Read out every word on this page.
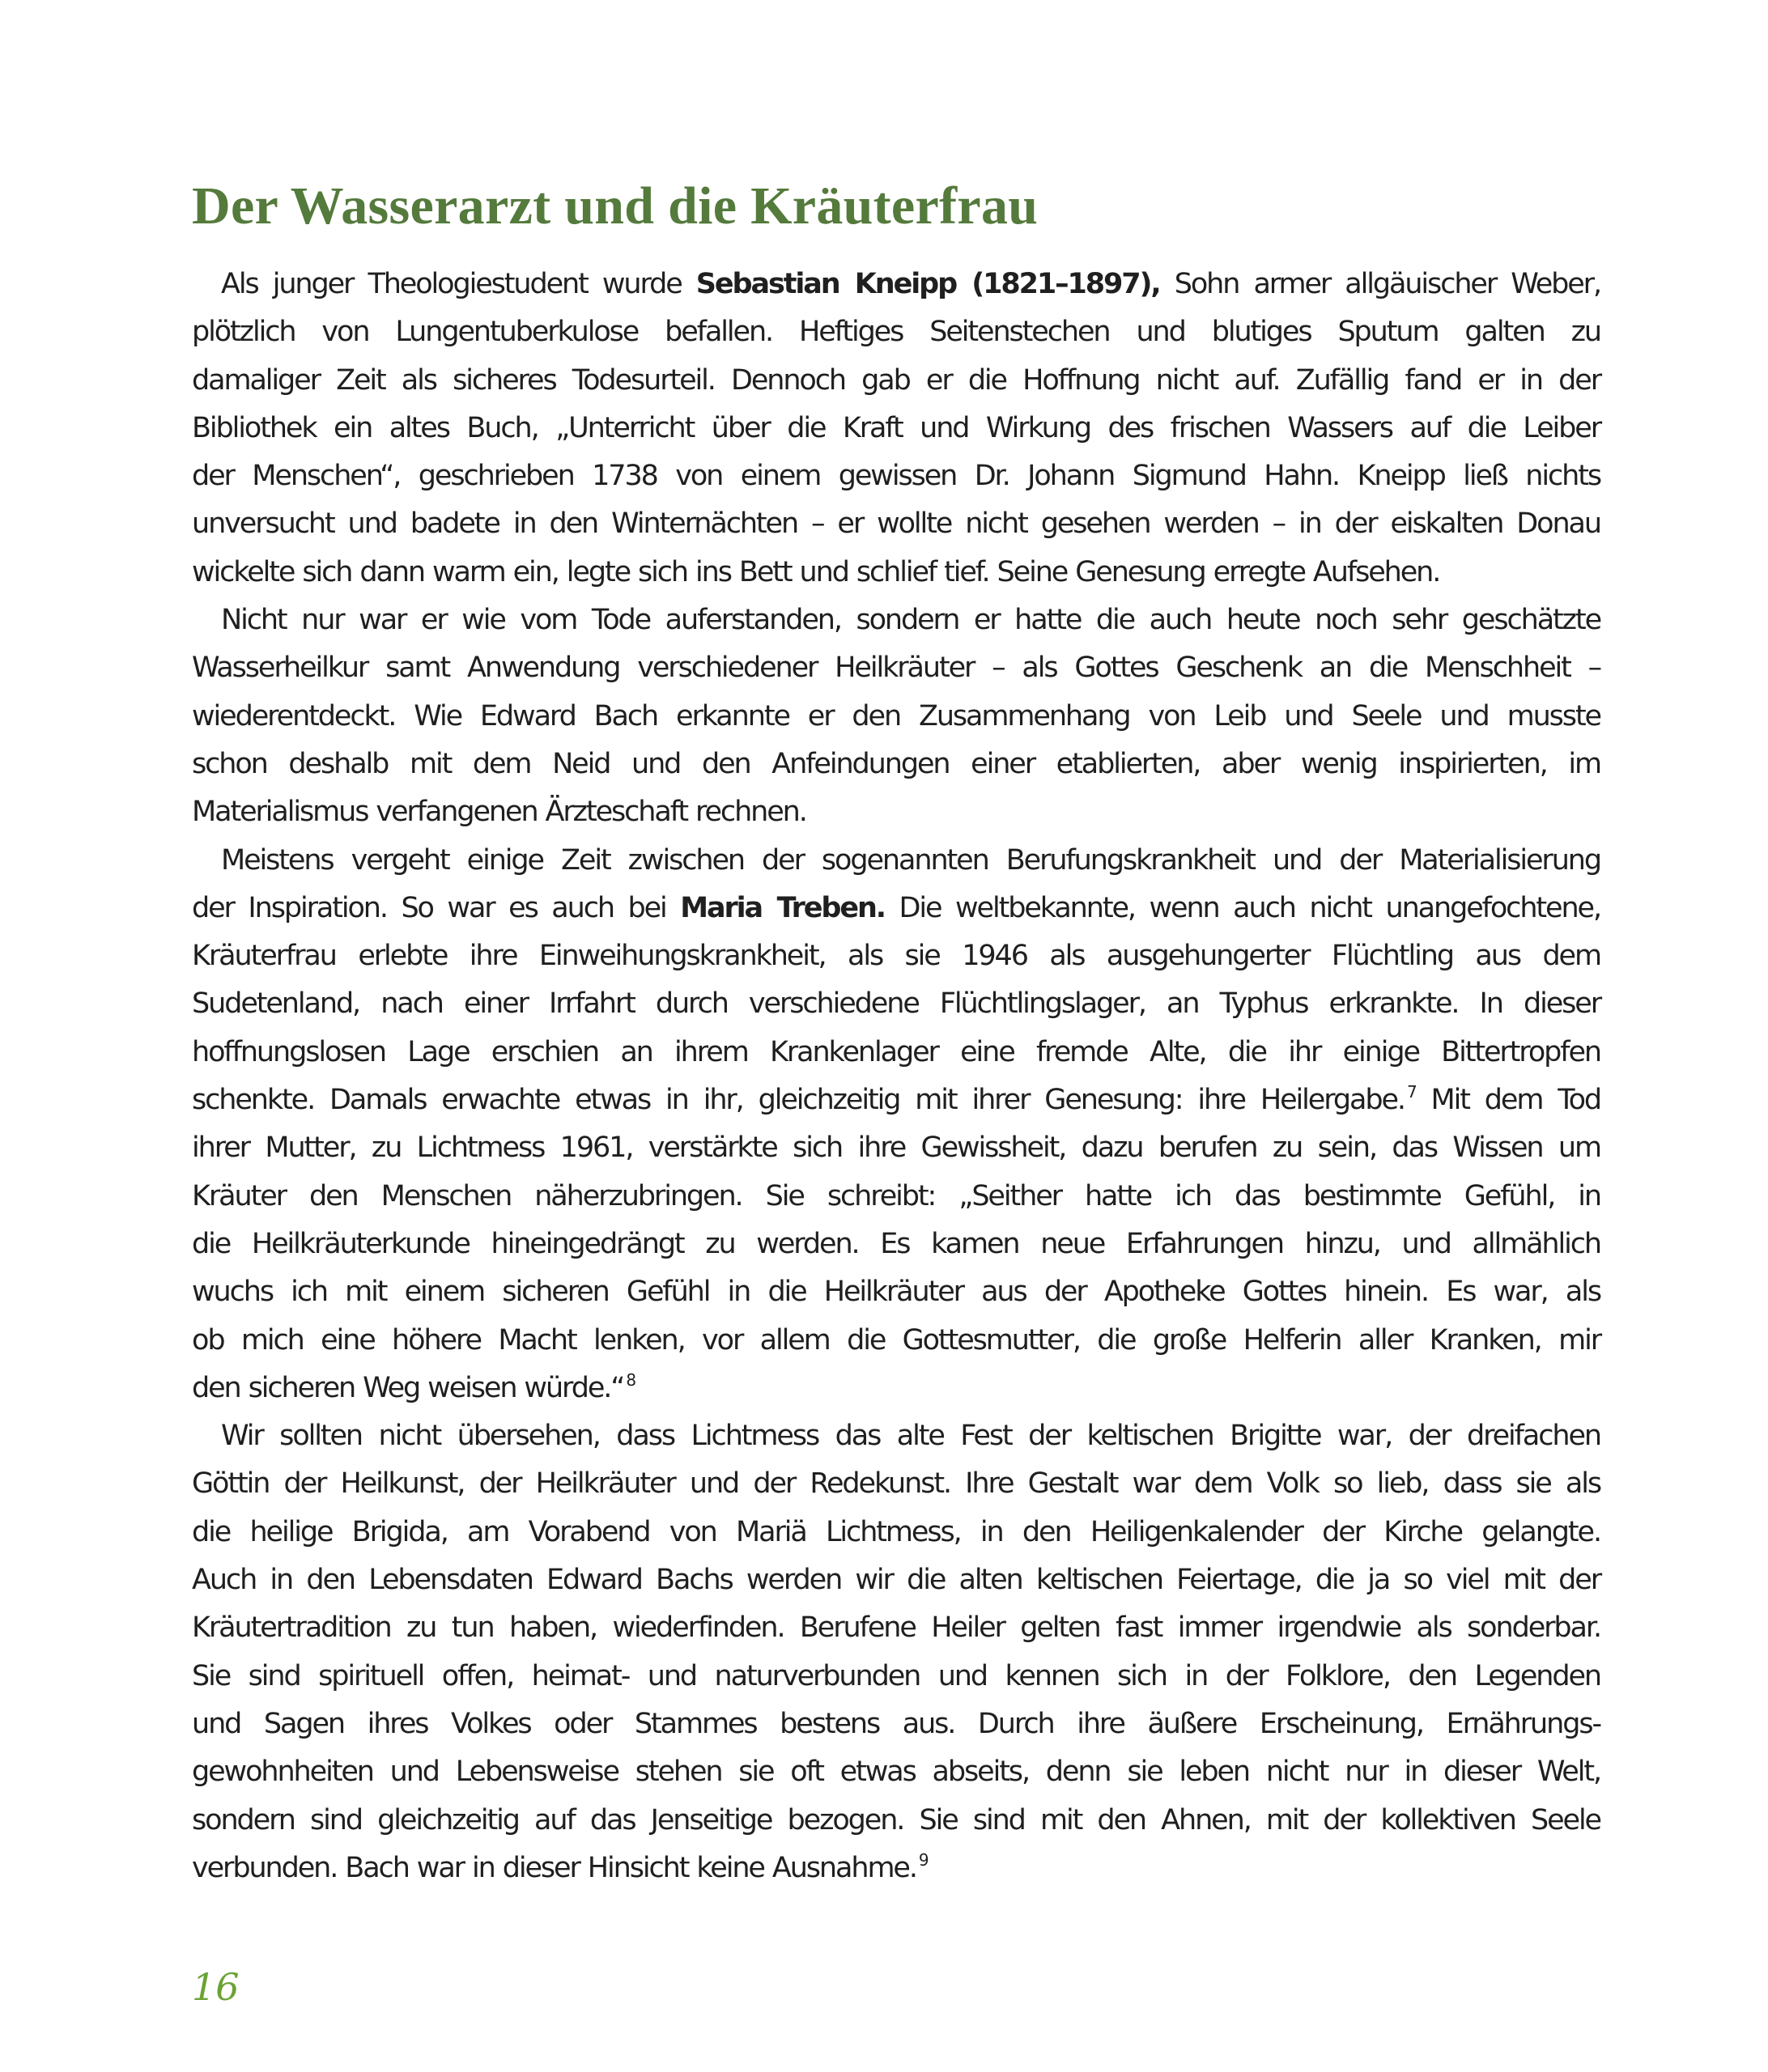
Der Wasserarzt und die Kräuterfrau
Als junger Theologiestudent wurde Sebastian Kneipp (1821–1897), Sohn armer allgäuischer Weber,
plötzlich von Lungentuberkulose befallen. Heftiges Seitenstechen und blutiges Sputum galten zu
damaliger Zeit als sicheres Todesurteil. Dennoch gab er die Hoffnung nicht auf. Zufällig fand er in der
Bibliothek ein altes Buch, „Unterricht über die Kraft und Wirkung des frischen Wassers auf die Leiber
der Menschen“, geschrieben 1738 von einem gewissen Dr. Johann Sigmund Hahn. Kneipp ließ nichts
unversucht und badete in den Winternächten – er wollte nicht gesehen werden – in der eiskalten Donau
wickelte sich dann warm ein, legte sich ins Bett und schlief tief. Seine Genesung erregte Aufsehen.
Nicht nur war er wie vom Tode auferstanden, sondern er hatte die auch heute noch sehr geschätzte
Wasserheilkur samt Anwendung verschiedener Heilkräuter – als Gottes Geschenk an die Menschheit –
wiederentdeckt. Wie Edward Bach erkannte er den Zusammenhang von Leib und Seele und musste
schon deshalb mit dem Neid und den Anfeindungen einer etablierten, aber wenig inspirierten, im
Materialismus verfangenen Ärzteschaft rechnen.
Meistens vergeht einige Zeit zwischen der sogenannten Berufungskrankheit und der Materialisierung
der Inspiration. So war es auch bei Maria Treben. Die weltbekannte, wenn auch nicht unangefochtene,
Kräuterfrau erlebte ihre Einweihungskrankheit, als sie 1946 als ausgehungerter Flüchtling aus dem
Sudetenland, nach einer Irrfahrt durch verschiedene Flüchtlingslager, an Typhus erkrankte. In dieser
hoffnungslosen Lage erschien an ihrem Krankenlager eine fremde Alte, die ihr einige Bittertropfen
schenkte. Damals erwachte etwas in ihr, gleichzeitig mit ihrer Genesung: ihre Heilergabe. $^7$ Mit dem Tod
ihrer Mutter, zu Lichtmess 1961, verstärkte sich ihre Gewissheit, dazu berufen zu sein, das Wissen um
Kräuter den Menschen näherzubringen. Sie schreibt: „Seither hatte ich das bestimmte Gefühl, in
die Heilkräuterkunde hineingedrängt zu werden. Es kamen neue Erfahrungen hinzu, und allmählich
wuchs ich mit einem sicheren Gefühl in die Heilkräuter aus der Apotheke Gottes hinein. Es war, als
ob mich eine höhere Macht lenken, vor allem die Gottesmutter, die große Helferin aller Kranken, mir
den sicheren Weg weisen würde.“ $^8$
Wir sollten nicht übersehen, dass Lichtmess das alte Fest der keltischen Brigitte war, der dreifachen
Göttin der Heilkunst, der Heilkräuter und der Redekunst. Ihre Gestalt war dem Volk so lieb, dass sie als
die heilige Brigida, am Vorabend von Mariä Lichtmess, in den Heiligenkalender der Kirche gelangte.
Auch in den Lebensdaten Edward Bachs werden wir die alten keltischen Feiertage, die ja so viel mit der
Kräutertradition zu tun haben, wiederfinden. Berufene Heiler gelten fast immer irgendwie als sonderbar.
Sie sind spirituell offen, heimat- und naturverbunden und kennen sich in der Folklore, den Legenden
und Sagen ihres Volkes oder Stammes bestens aus. Durch ihre äußere Erscheinung, Ernährungs-
gewohnheiten und Lebensweise stehen sie oft etwas abseits, denn sie leben nicht nur in dieser Welt,
sondern sind gleichzeitig auf das Jenseitige bezogen. Sie sind mit den Ahnen, mit der kollektiven Seele
verbunden. Bach war in dieser Hinsicht keine Ausnahme. $^9$
16
